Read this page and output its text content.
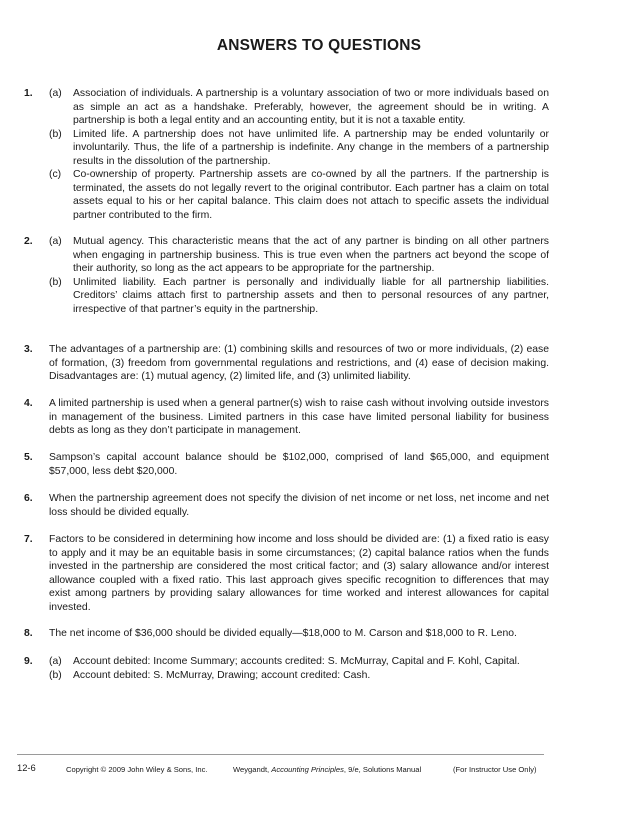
ANSWERS TO QUESTIONS
1. (a) Association of individuals. A partnership is a voluntary association of two or more individuals based on as simple an act as a handshake. Preferably, however, the agreement should be in writing. A partnership is both a legal entity and an accounting entity, but it is not a taxable entity.
(b) Limited life. A partnership does not have unlimited life. A partnership may be ended voluntarily or involuntarily. Thus, the life of a partnership is indefinite. Any change in the members of a partnership results in the dissolution of the partnership.
(c) Co-ownership of property. Partnership assets are co-owned by all the partners. If the partnership is terminated, the assets do not legally revert to the original contributor. Each partner has a claim on total assets equal to his or her capital balance. This claim does not attach to specific assets the individual partner contributed to the firm.
2. (a) Mutual agency. This characteristic means that the act of any partner is binding on all other partners when engaging in partnership business. This is true even when the partners act beyond the scope of their authority, so long as the act appears to be appropriate for the partnership.
(b) Unlimited liability. Each partner is personally and individually liable for all partnership liabilities. Creditors’ claims attach first to partnership assets and then to personal resources of any partner, irrespective of that partner’s equity in the partnership.
3. The advantages of a partnership are: (1) combining skills and resources of two or more individuals, (2) ease of formation, (3) freedom from governmental regulations and restrictions, and (4) ease of decision making. Disadvantages are: (1) mutual agency, (2) limited life, and (3) unlimited liability.
4. A limited partnership is used when a general partner(s) wish to raise cash without involving outside investors in management of the business. Limited partners in this case have limited personal liability for business debts as long as they don’t participate in management.
5. Sampson’s capital account balance should be $102,000, comprised of land $65,000, and equipment $57,000, less debt $20,000.
6. When the partnership agreement does not specify the division of net income or net loss, net income and net loss should be divided equally.
7. Factors to be considered in determining how income and loss should be divided are: (1) a fixed ratio is easy to apply and it may be an equitable basis in some circumstances; (2) capital balance ratios when the funds invested in the partnership are considered the most critical factor; and (3) salary allowance and/or interest allowance coupled with a fixed ratio. This last approach gives specific recognition to differences that may exist among partners by providing salary allowances for time worked and interest allowances for capital invested.
8. The net income of $36,000 should be divided equally—$18,000 to M. Carson and $18,000 to R. Leno.
9. (a) Account debited: Income Summary; accounts credited: S. McMurray, Capital and F. Kohl, Capital.
(b) Account debited: S. McMurray, Drawing; account credited: Cash.
12-6	Copyright © 2009 John Wiley & Sons, Inc.	Weygandt, Accounting Principles, 9/e, Solutions Manual	(For Instructor Use Only)
